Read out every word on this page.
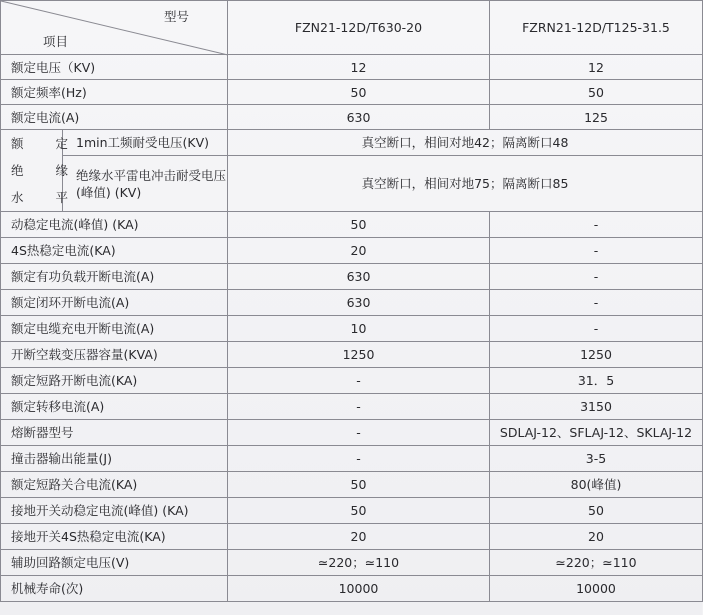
型号
项目		FZN21-12D/T630-20	FZRN21-12D/T125-31.5
额定电压（KV)		12	12
额定频率(Hz)		50	50
额定电流(A)		630	125

额 定
绝 缘
水 平	1min工频耐受电压(KV)	真空断口，相间对地42；隔离断口48	
	绝缘水平雷电冲击耐受电压(峰值) (KV)	真空断口，相间对地75；隔离断口85	
动稳定电流(峰值) (KA)		50	-
4S热稳定电流(KA)		20	-
额定有功负载开断电流(A)		630	-
额定闭环开断电流(A)		630	-
额定电缆充电开断电流(A)		10	-
开断空载变压器容量(KVA)		1250	1250
额定短路开断电流(KA)		-	31．5
额定转移电流(A)		-	3150
熔断器型号		-	SDLAJ-12、SFLAJ-12、SKLAJ-12
撞击器输出能量(J)		-	3-5
额定短路关合电流(KA)		50	80(峰值)
接地开关动稳定电流(峰值) (KA)		50	50
接地开关4S热稳定电流(KA)		20	20
辅助回路额定电压(V)		≃220；≃110	≃220；≃110
机械寿命(次)		10000	10000
